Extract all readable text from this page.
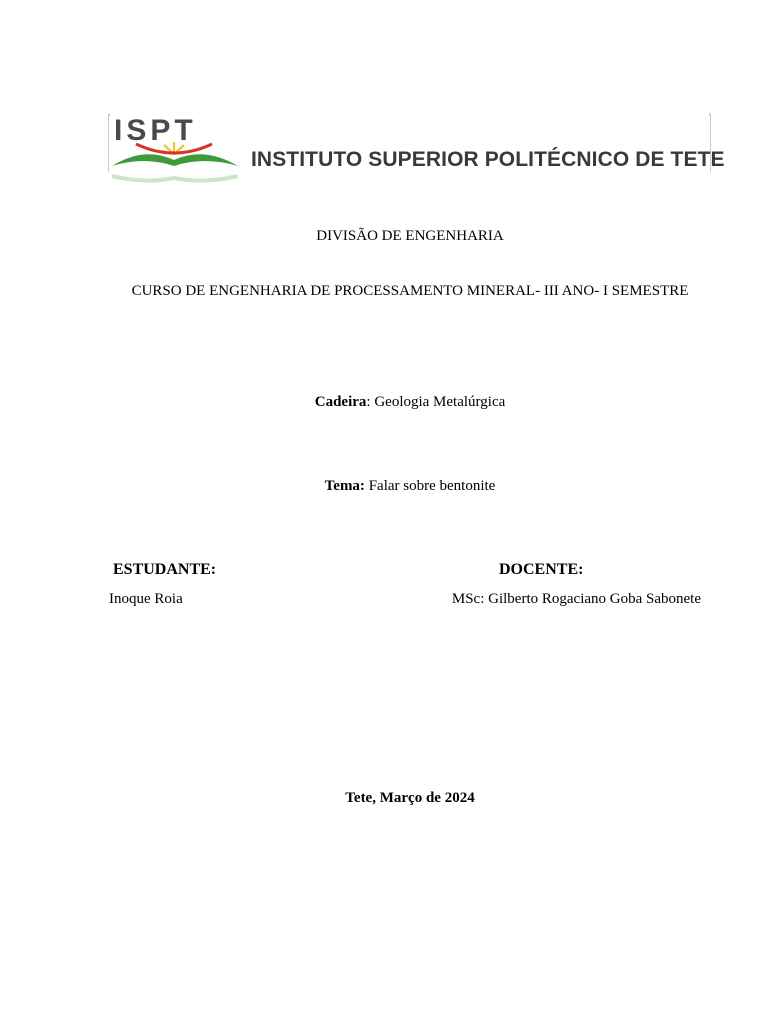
ISPT
INSTITUTO SUPERIOR POLITÉCNICO DE TETE
DIVISÃO DE ENGENHARIA
CURSO DE ENGENHARIA DE PROCESSAMENTO MINERAL- III ANO- I SEMESTRE
Cadeira: Geologia Metalúrgica
Tema: Falar sobre bentonite
ESTUDANTE:	DOCENTE:
Inoque Roia	MSc: Gilberto Rogaciano Goba Sabonete
Tete, Março de 2024
